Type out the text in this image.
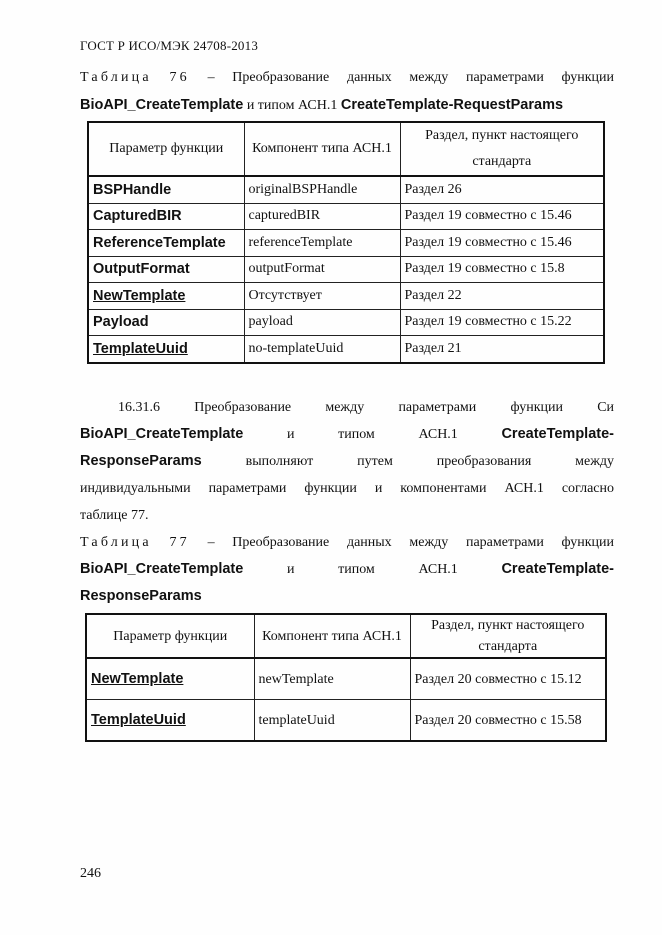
ГОСТ Р ИСО/МЭК 24708-2013
Таблица 76 – Преобразование данных между параметрами функции
BioAPI_CreateTemplate и типом АСН.1 CreateTemplate-RequestParams
Параметр функции	Компонент типа АСН.1	Раздел, пункт настоящего стандарта
BSPHandle	originalBSPHandle	Раздел 26
CapturedBIR	capturedBIR	Раздел 19 совместно с 15.46
ReferenceTemplate	referenceTemplate	Раздел 19 совместно с 15.46
OutputFormat	outputFormat	Раздел 19 совместно с 15.8
NewTemplate	Отсутствует	Раздел 22
Payload	payload	Раздел 19 совместно с 15.22
TemplateUuid	no-templateUuid	Раздел 21
16.31.6 Преобразование между параметрами функции Си
BioAPI_CreateTemplate	и	типом	АСН.1	CreateTemplate-
ResponseParams	выполняют	путем	преобразования	между
индивидуальными параметрами функции и компонентами АСН.1 согласно
таблице 77.
Таблица 77 – Преобразование данных между параметрами функции
BioAPI_CreateTemplate	и	типом	АСН.1	CreateTemplate-
ResponseParams
Параметр функции	Компонент типа АСН.1	Раздел, пункт настоящего стандарта
NewTemplate	newTemplate	Раздел 20 совместно с 15.12
TemplateUuid	templateUuid	Раздел 20 совместно с 15.58
246
